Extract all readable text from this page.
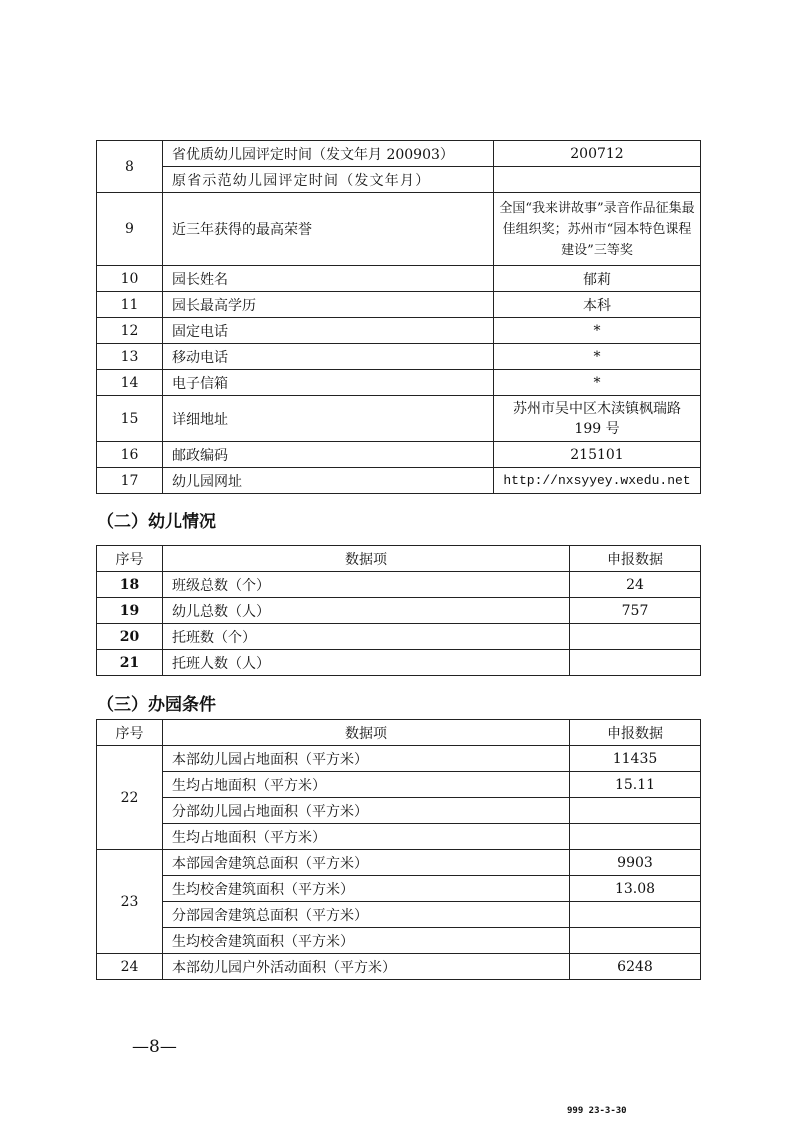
8	省优质幼儿园评定时间（发文年月 200903）	200712
	原省示范幼儿园评定时间（发文年月）	
9	近三年获得的最高荣誉	全国“我来讲故事”录音作品征集最佳组织奖；苏州市“园本特色课程建设”三等奖
10	园长姓名	郁莉
11	园长最高学历	本科
12	固定电话	*
13	移动电话	*
14	电子信箱	*
15	详细地址	苏州市吴中区木渎镇枫瑞路 199 号
16	邮政编码	215101
17	幼儿园网址	http://nxsyyey.wxedu.net
（二）幼儿情况
序号	数据项	申报数据
18	班级总数（个）	24
19	幼儿总数（人）	757
20	托班数（个）	
21	托班人数（人）	
（三）办园条件
序号	数据项	申报数据
22	本部幼儿园占地面积（平方米）	11435
	生均占地面积（平方米）	15.11
	分部幼儿园占地面积（平方米）	
	生均占地面积（平方米）	
23	本部园舍建筑总面积（平方米）	9903
	生均校舍建筑面积（平方米）	13.08
	分部园舍建筑总面积（平方米）	
	生均校舍建筑面积（平方米）	
24	本部幼儿园户外活动面积（平方米）	6248
—8—
999 23-3-30
